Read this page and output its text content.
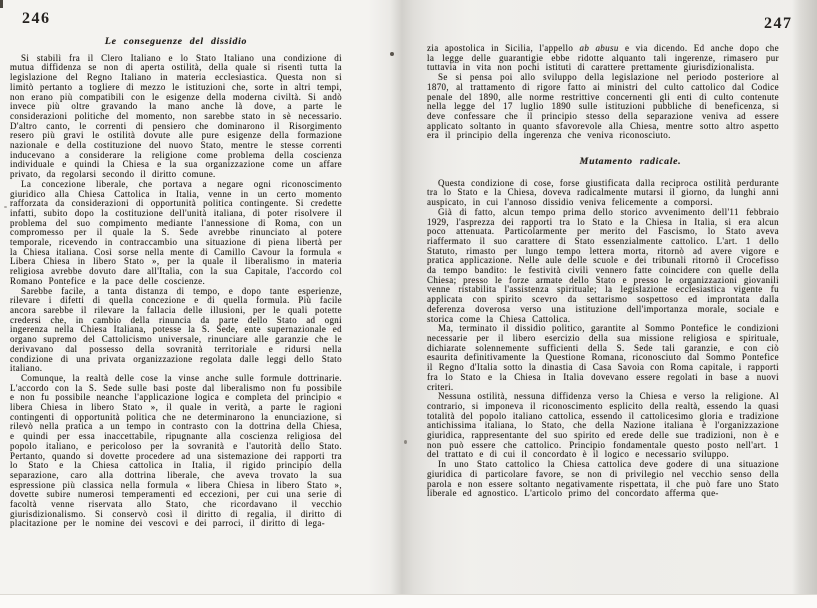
246
Le conseguenze del dissidio

Si stabilì fra il Clero Italiano e lo Stato Italiano una condizione di mutua diffidenza se non di aperta ostilità, della quale si risentì tutta la legislazione del Regno Italiano in materia ecclesiastica. Questa non si limitò pertanto a togliere di mezzo le istituzioni che, sorte in altri tempi, non erano più compatibili con le esigenze della moderna civiltà. Si andò invece più oltre gravando la mano anche là dove, a parte le considerazioni politiche del momento, non sarebbe stato in sè necessario. D'altro canto, le correnti di pensiero che dominarono il Risorgimento resero più gravi le ostilità dovute alle pure esigenze della formazione nazionale e della costituzione del nuovo Stato, mentre le stesse correnti inducevano a considerare la religione come problema della coscienza individuale e quindi la Chiesa e la sua organizzazione come un affare privato, da regolarsi secondo il diritto comune.

La concezione liberale, che portava a negare ogni riconoscimento giuridico alla Chiesa Cattolica in Italia, venne in un certo momento rafforzata da considerazioni di opportunità politica contingente. Si credette infatti, subito dopo la costituzione dell'unità italiana, di poter risolvere il problema del suo compimento mediante l'annessione di Roma, con un compromesso per il quale la S. Sede avrebbe rinunciato al potere temporale, ricevendo in contraccambio una situazione di piena libertà per la Chiesa italiana. Così sorse nella mente di Camillo Cavour la formula « Libera Chiesa in libero Stato », per la quale il liberalismo in materia religiosa avrebbe dovuto dare all'Italia, con la sua Capitale, l'accordo col Romano Pontefice e la pace delle coscienze.

Sarebbe facile, a tanta distanza di tempo, e dopo tante esperienze, rilevare i difetti di quella concezione e di quella formula. Più facile ancora sarebbe il rilevare la fallacia delle illusioni, per le quali potette credersi che, in cambio della rinuncia da parte dello Stato ad ogni ingerenza nella Chiesa Italiana, potesse la S. Sede, ente supernazionale ed organo supremo del Cattolicismo universale, rinunciare alle garanzie che le derivavano dal possesso della sovranità territoriale e ridursi nella condizione di una privata organizzazione regolata dalle leggi dello Stato italiano.

Comunque, la realtà delle cose la vinse anche sulle formule dottrinarie. L'accordo con la S. Sede sulle basi poste dal liberalismo non fu possibile e non fu possibile neanche l'applicazione logica e completa del principio « libera Chiesa in libero Stato », il quale in verità, a parte le ragioni contingenti di opportunità politica che ne determinarono la enunciazione, si rilevò nella pratica a un tempo in contrasto con la dottrina della Chiesa, e quindi per essa inaccettabile, ripugnante alla coscienza religiosa del popolo italiano, e pericoloso per la sovranità e l'autorità dello Stato. Pertanto, quando si dovette procedere ad una sistemazione dei rapporti tra lo Stato e la Chiesa cattolica in Italia, il rigido principio della separazione, caro alla dottrina liberale, che aveva trovato la sua espressione più classica nella formula « libera Chiesa in libero Stato », dovette subire numerosi temperamenti ed eccezioni, per cui una serie di facoltà venne riservata allo Stato, che ricordavano il vecchio giurisdizionalismo. Si conservò così il diritto di regalia, il diritto di placitazione per le nomine dei vescovi e dei parroci, il diritto di lega-

247

zia apostolica in Sicilia, l'appello ab abusu e via dicendo. Ed anche dopo che la legge delle guarantigie ebbe ridotte alquanto tali ingerenze, rimasero pur tuttavia in vita non pochi istituti di carattere prettamente giurisdizionalista.

Se si pensa poi allo sviluppo della legislazione nel periodo posteriore al 1870, al trattamento di rigore fatto ai ministri del culto cattolico dal Codice penale del 1890, alle norme restrittive concernenti gli enti di culto contenute nella legge del 17 luglio 1890 sulle istituzioni pubbliche di beneficenza, si deve confessare che il principio stesso della separazione veniva ad essere applicato soltanto in quanto sfavorevole alla Chiesa, mentre sotto altro aspetto era il principio della ingerenza che veniva riconosciuto.

Mutamento radicale.

Questa condizione di cose, forse giustificata dalla reciproca ostilità perdurante tra lo Stato e la Chiesa, doveva radicalmente mutarsi il giorno, da lunghi anni auspicato, in cui l'annoso dissidio veniva felicemente a comporsi.

Già di fatto, alcun tempo prima dello storico avvenimento dell'11 febbraio 1929, l'asprezza dei rapporti tra lo Stato e la Chiesa in Italia, si era alcun poco attenuata. Particolarmente per merito del Fascismo, lo Stato aveva riaffermato il suo carattere di Stato essenzialmente cattolico. L'art. 1 dello Statuto, rimasto per lungo tempo lettera morta, ritornò ad avere vigore e pratica applicazione. Nelle aule delle scuole e dei tribunali ritornò il Crocefisso da tempo bandito: le festività civili vennero fatte coincidere con quelle della Chiesa; presso le forze armate dello Stato e presso le organizzazioni giovanili venne ristabilita l'assistenza spirituale; la legislazione ecclesiastica vigente fu applicata con spirito scevro da settarismo sospettoso ed improntata dalla deferenza doverosa verso una istituzione dell'importanza morale, sociale e storica come la Chiesa Cattolica.

Ma, terminato il dissidio politico, garantite al Sommo Pontefice le condizioni necessarie per il libero esercizio della sua missione religiosa e spirituale, dichiarate solennemente sufficienti della S. Sede tali garanzie, e con ciò esaurita definitivamente la Questione Romana, riconosciuto dal Sommo Pontefice il Regno d'Italia sotto la dinastia di Casa Savoia con Roma capitale, i rapporti fra lo Stato e la Chiesa in Italia dovevano essere regolati in base a nuovi criteri.

Nessuna ostilità, nessuna diffidenza verso la Chiesa e verso la religione. Al contrario, si imponeva il riconoscimento esplicito della realtà, essendo la quasi totalità del popolo italiano cattolica, essendo il cattolicesimo gloria e tradizione antichissima italiana, lo Stato, che della Nazione italiana è l'organizzazione giuridica, rappresentante del suo spirito ed erede delle sue tradizioni, non è e non può essere che cattolico. Principio fondamentale questo posto nell'art. 1 del trattato e di cui il concordato è il logico e necessario sviluppo.

In uno Stato cattolico la Chiesa cattolica deve godere di una situazione giuridica di particolare favore, se non di privilegio nel vecchio senso della parola e non essere soltanto negativamente rispettata, il che può fare uno Stato liberale ed agnostico. L'articolo primo del concordato afferma que-
